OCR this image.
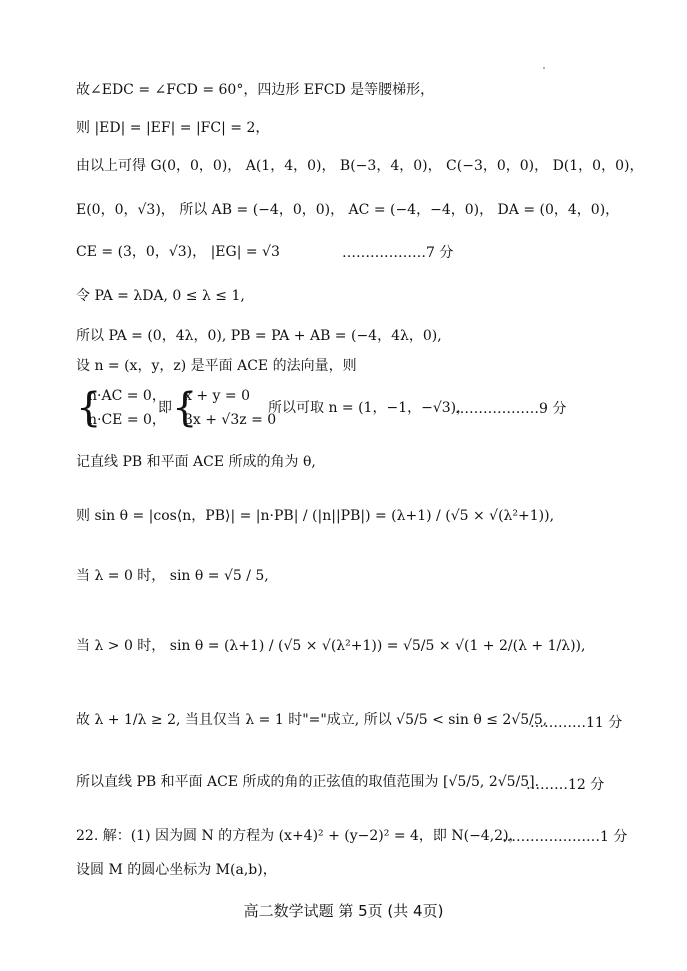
故∠EDC = ∠FCD = 60°，四边形 EFCD 是等腰梯形，
则 |ED| = |EF| = |FC| = 2，
由以上可得 G(0，0，0)， A(1，4，0)， B(−3，4，0)， C(−3，0，0)， D(1，0，0)，
E(0，0，√3)， 所以 AB = (−4，0，0)， AC = (−4，−4，0)， DA = (0，4，0)，
CE = (3，0，√3)， |EG| = √3	………………7 分
令 PA = λDA, 0 ≤ λ ≤ 1,
所以 PA = (0，4λ，0), PB = PA + AB = (−4，4λ，0),
设 n = (x，y，z) 是平面 ACE 的法向量，则
{
n·AC = 0，
n·CE = 0，
即 {
x + y = 0
3x + √3z = 0
所以可取 n = (1，−1，−√3)，
………………9 分
记直线 PB 和平面 ACE 所成的角为 θ,
则 sin θ = |cos⟨n，PB⟩| = |n·PB| / (|n||PB|) = (λ+1) / (√5 × √(λ²+1)),
当 λ = 0 时， sin θ = √5 / 5,
当 λ > 0 时， sin θ = (λ+1) / (√5 × √(λ²+1)) = √5/5 × √(1 + 2/(λ + 1/λ)),
故 λ + 1/λ ≥ 2, 当且仅当 λ = 1 时"="成立, 所以 √5/5 < sin θ ≤ 2√5/5,
…………11 分
所以直线 PB 和平面 ACE 所成的角的正弦值的取值范围为 [√5/5, 2√5/5].
………12 分
22. 解：(1) 因为圆 N 的方程为 (x+4)² + (y−2)² = 4，即 N(−4,2)，
…………………1 分
设圆 M 的圆心坐标为 M(a,b)，
高二数学试题 第 5页 (共 4页)
